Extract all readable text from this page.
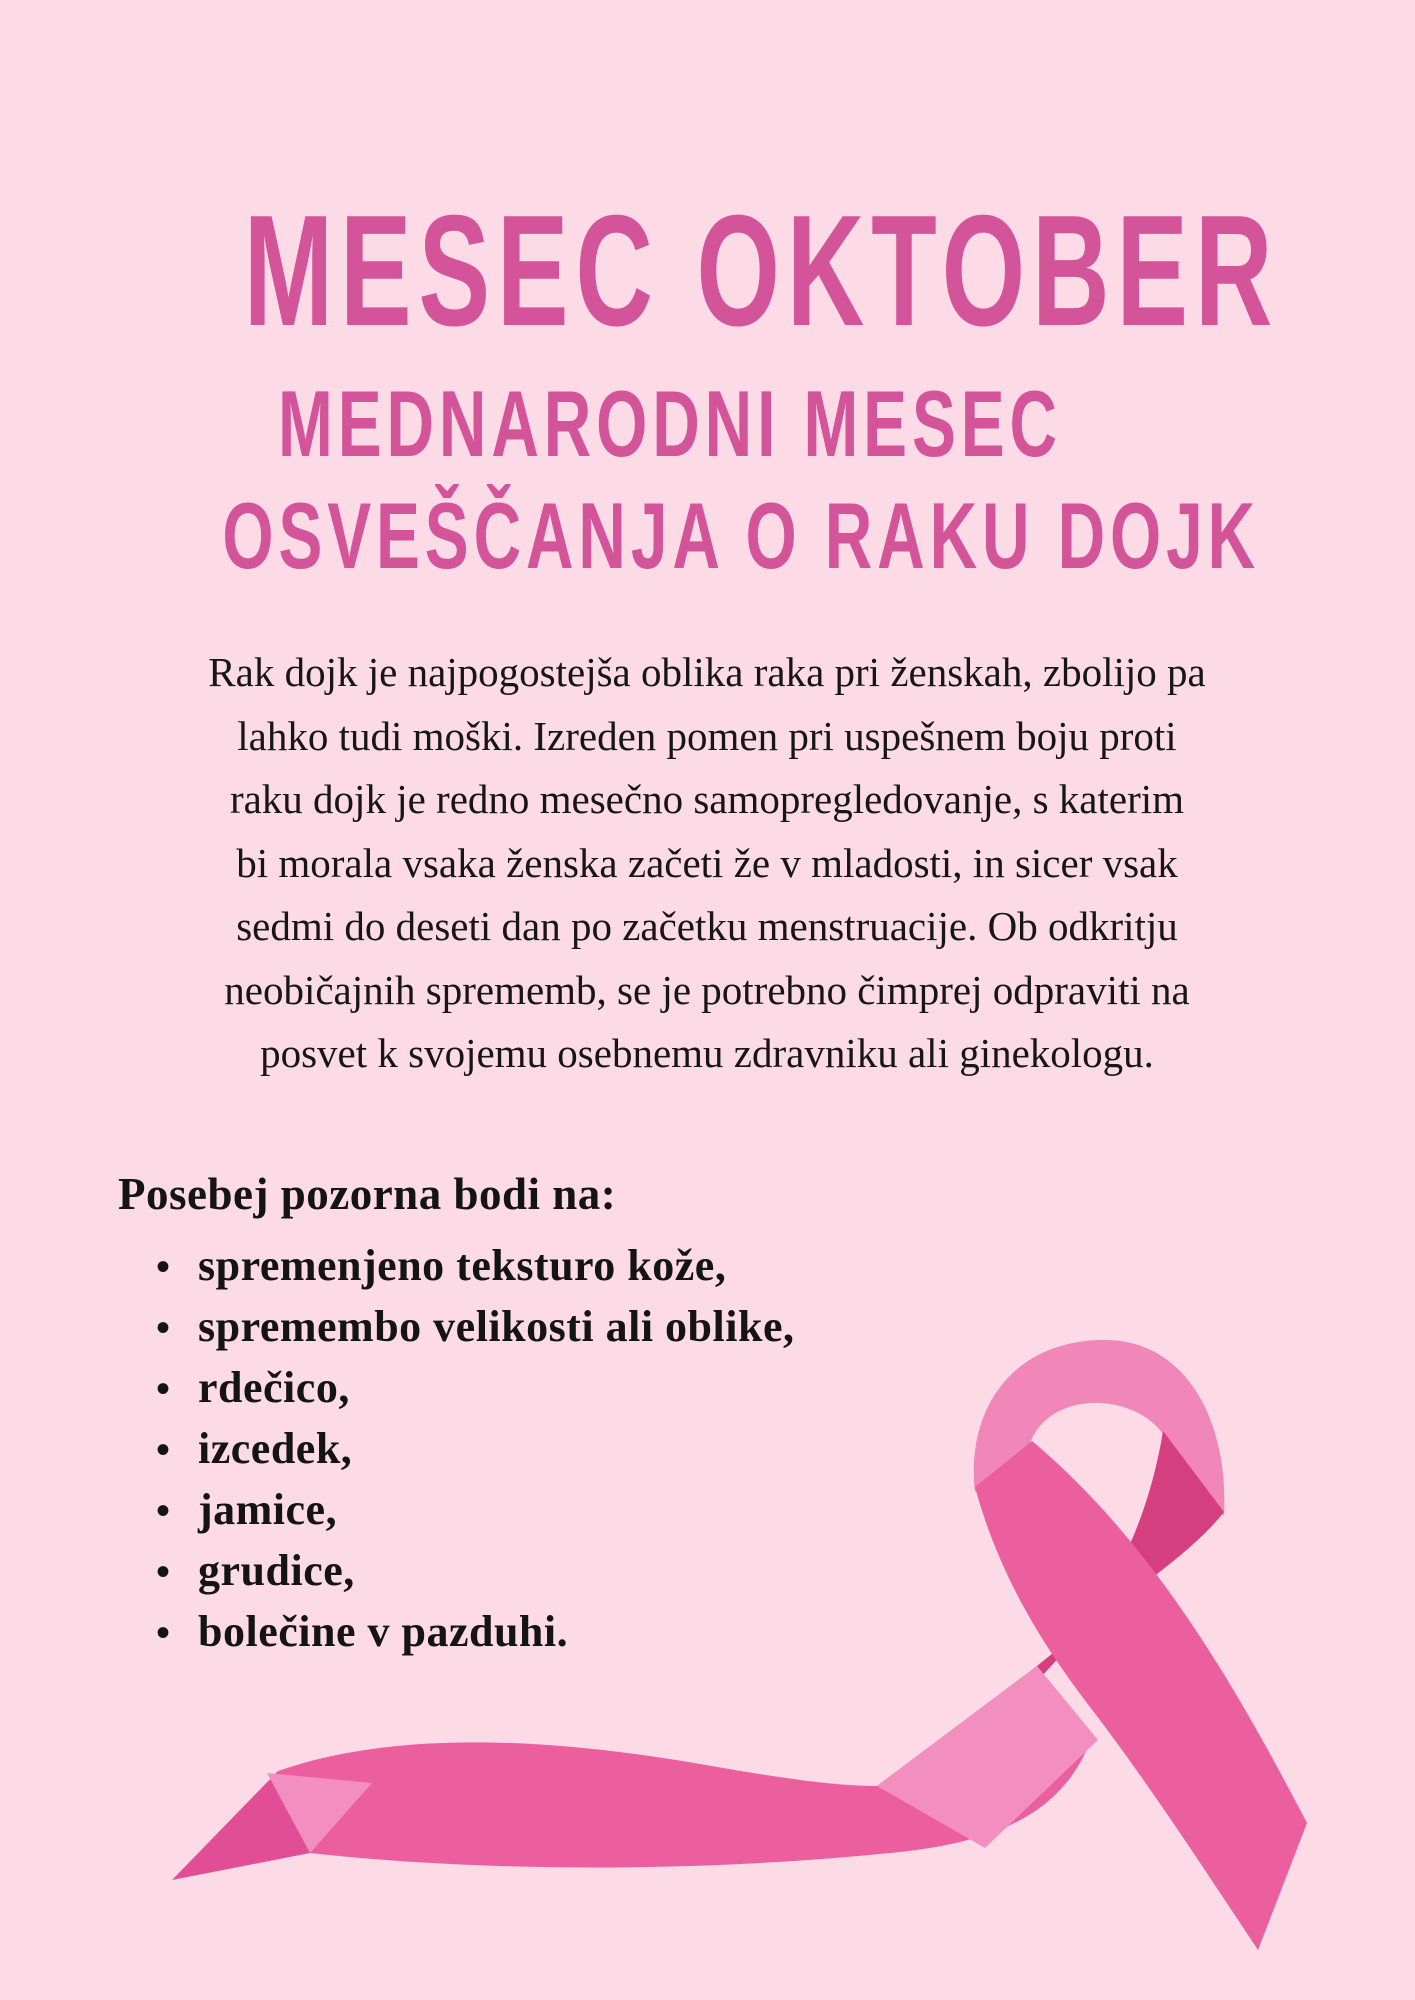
MESEC OKTOBER
MEDNARODNI MESEC
OSVEŠČANJA O RAKU DOJK
Rak dojk je najpogostejša oblika raka pri ženskah, zbolijo pa
lahko tudi moški. Izreden pomen pri uspešnem boju proti
raku dojk je redno mesečno samopregledovanje, s katerim
bi morala vsaka ženska začeti že v mladosti, in sicer vsak
sedmi do deseti dan po začetku menstruacije. Ob odkritju
neobičajnih sprememb, se je potrebno čimprej odpraviti na
posvet k svojemu osebnemu zdravniku ali ginekologu.

Posebej pozorna bodi na:

• spremenjeno teksturo kože,
• spremembo velikosti ali oblike,
• rdečico,
• izcedek,
• jamice,
• grudice,
• bolečine v pazduhi.
